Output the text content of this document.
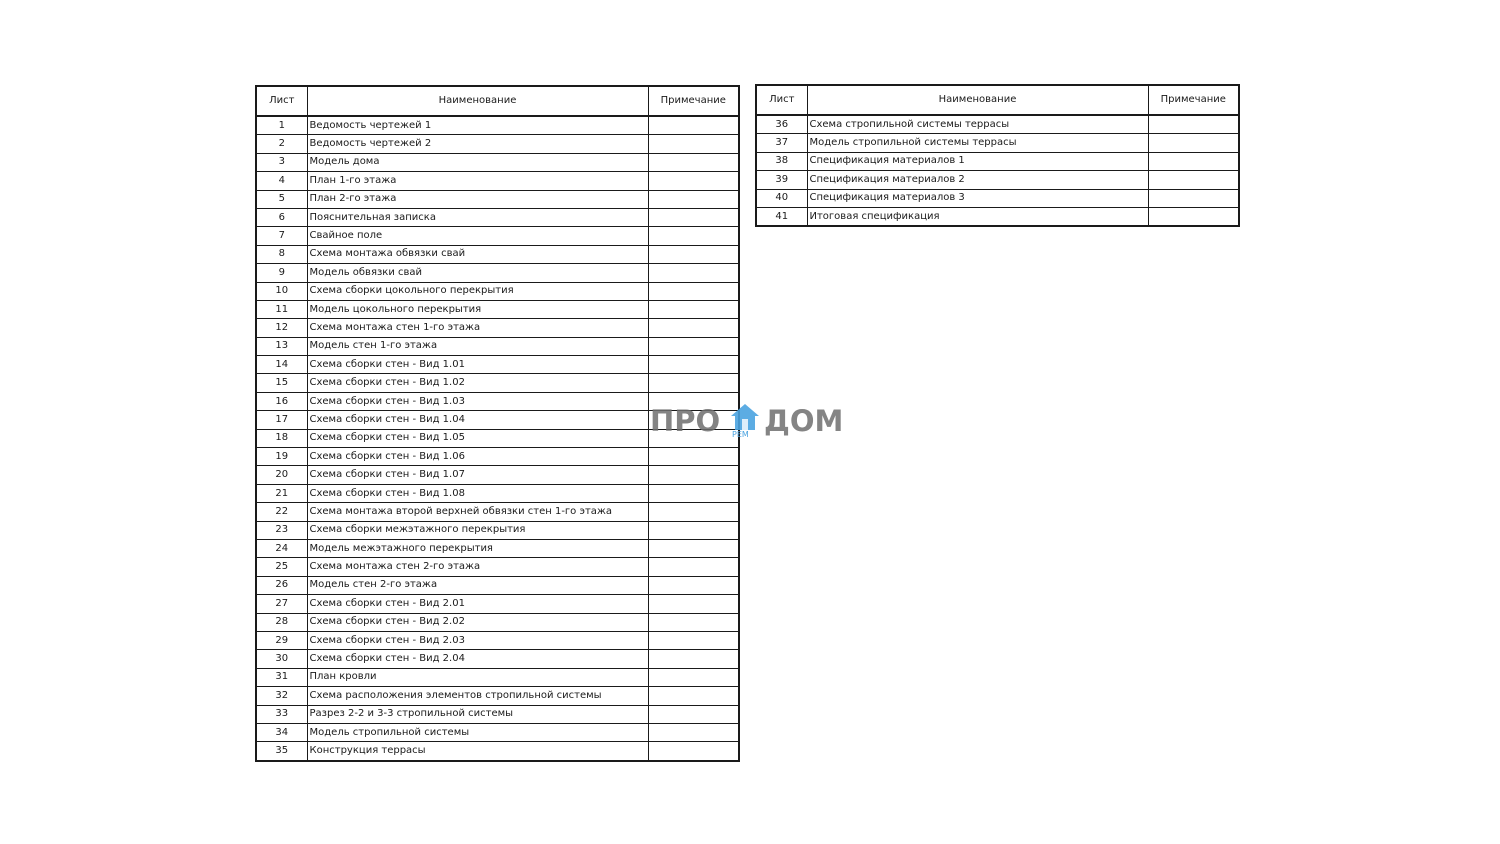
Лист	Наименование	Примечание
1	Ведомость чертежей 1	
2	Ведомость чертежей 2	
3	Модель дома	
4	План 1-го этажа	
5	План 2-го этажа	
6	Пояснительная записка	
7	Свайное поле	
8	Схема монтажа обвязки свай	
9	Модель обвязки свай	
10	Схема сборки цокольного перекрытия	
11	Модель цокольного перекрытия	
12	Схема монтажа стен 1-го этажа	
13	Модель стен 1-го этажа	
14	Схема сборки стен - Вид 1.01	
15	Схема сборки стен - Вид 1.02	
16	Схема сборки стен - Вид 1.03	
17	Схема сборки стен - Вид 1.04	
18	Схема сборки стен - Вид 1.05	
19	Схема сборки стен - Вид 1.06	
20	Схема сборки стен - Вид 1.07	
21	Схема сборки стен - Вид 1.08	
22	Схема монтажа второй верхней обвязки стен 1-го этажа	
23	Схема сборки межэтажного перекрытия	
24	Модель межэтажного перекрытия	
25	Схема монтажа стен 2-го этажа	
26	Модель стен 2-го этажа	
27	Схема сборки стен - Вид 2.01	
28	Схема сборки стен - Вид 2.02	
29	Схема сборки стен - Вид 2.03	
30	Схема сборки стен - Вид 2.04	
31	План кровли	
32	Схема расположения элементов стропильной системы	
33	Разрез 2-2 и 3-3 стропильной системы	
34	Модель стропильной системы	
35	Конструкция террасы	
Лист	Наименование	Примечание
36	Схема стропильной системы террасы	
37	Модель стропильной системы террасы	
38	Спецификация материалов 1	
39	Спецификация материалов 2	
40	Спецификация материалов 3	
41	Итоговая спецификация	
ПРО РЕМ ДОМ
